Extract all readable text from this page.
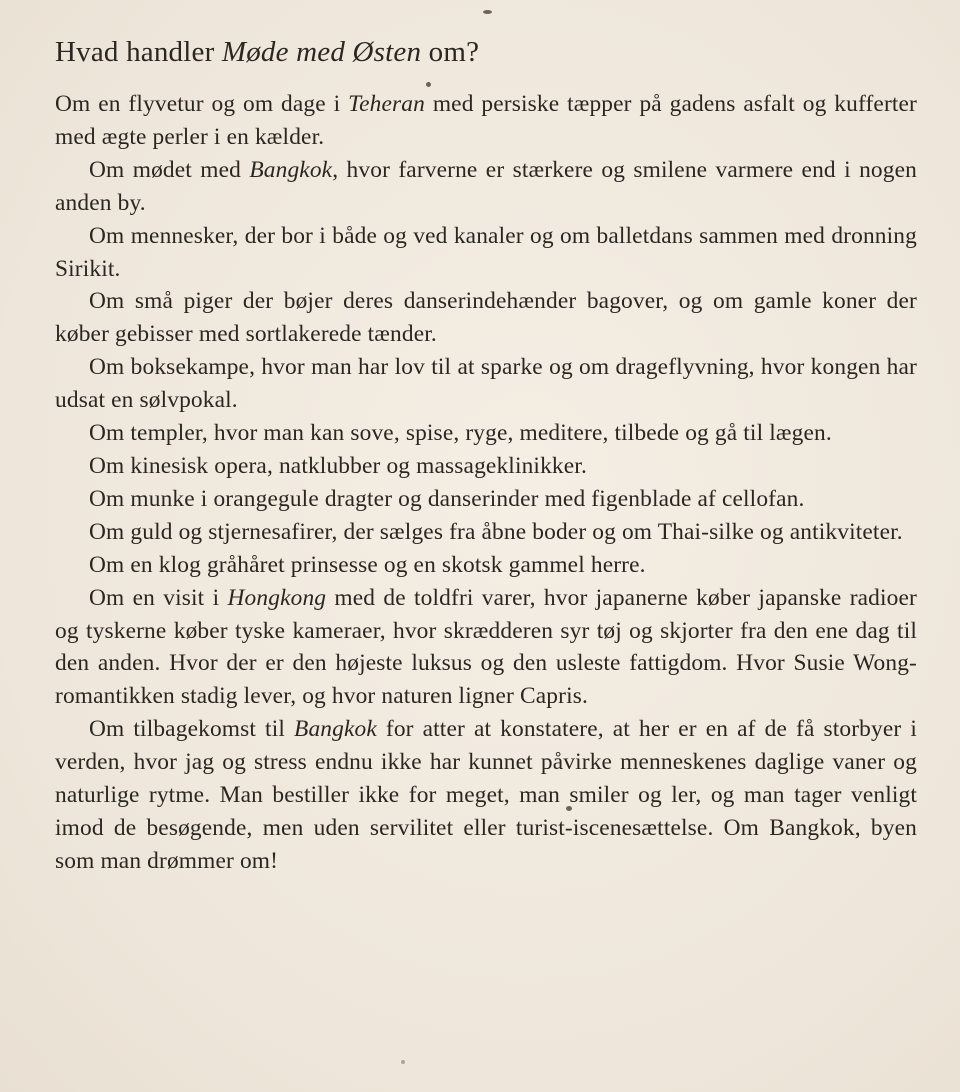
Hvad handler Møde med Østen om?

Om en flyvetur og om dage i Teheran med persiske tæpper på gadens asfalt og kufferter med ægte perler i en kælder.

Om mødet med Bangkok, hvor farverne er stærkere og smilene varmere end i nogen anden by.

Om mennesker, der bor i både og ved kanaler og om balletdans sammen med dronning Sirikit.

Om små piger der bøjer deres danserindehænder bagover, og om gamle koner der køber gebisser med sortlakerede tænder.

Om boksekampe, hvor man har lov til at sparke og om drageflyvning, hvor kongen har udsat en sølvpokal.

Om templer, hvor man kan sove, spise, ryge, meditere, tilbede og gå til lægen.

Om kinesisk opera, natklubber og massageklinikker.

Om munke i orangegule dragter og danserinder med figenblade af cellofan.

Om guld og stjernesafirer, der sælges fra åbne boder og om Thai-silke og antikviteter.

Om en klog gråhåret prinsesse og en skotsk gammel herre.

Om en visit i Hongkong med de toldfri varer, hvor japanerne køber japanske radioer og tyskerne køber tyske kameraer, hvor skrædderen syr tøj og skjorter fra den ene dag til den anden. Hvor der er den højeste luksus og den usleste fattigdom. Hvor Susie Wong-romantikken stadig lever, og hvor naturen ligner Capris.

Om tilbagekomst til Bangkok for atter at konstatere, at her er en af de få storbyer i verden, hvor jag og stress endnu ikke har kunnet påvirke menneskenes daglige vaner og naturlige rytme. Man bestiller ikke for meget, man smiler og ler, og man tager venligt imod de besøgende, men uden servilitet eller turist-iscenesættelse. Om Bangkok, byen som man drømmer om!
